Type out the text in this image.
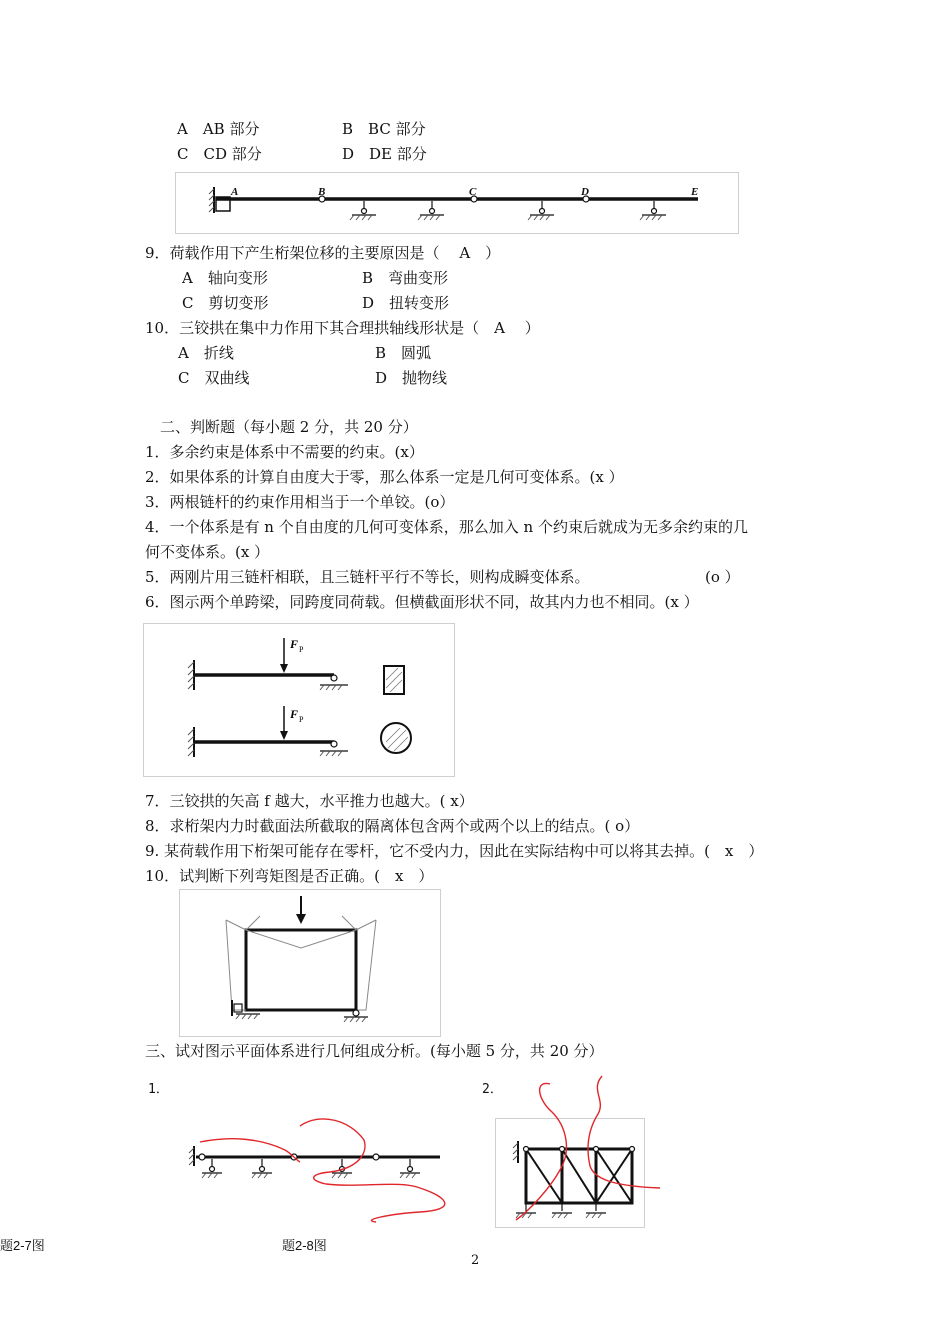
A　AB 部分	B　BC 部分
C　CD 部分	D　DE 部分
A	B	C	D	E
9．荷载作用下产生桁架位移的主要原因是（　 A　）
A　轴向变形	B　弯曲变形
C　剪切变形	D　扭转变形
10．三铰拱在集中力作用下其合理拱轴线形状是（　A　 ）
A　折线	B　圆弧
C　双曲线	D　抛物线
二、判断题（每小题 2 分，共 20 分）
1．多余约束是体系中不需要的约束。(x）
2．如果体系的计算自由度大于零，那么体系一定是几何可变体系。(x ）
3．两根链杆的约束作用相当于一个单铰。(o）
4．一个体系是有 n 个自由度的几何可变体系，那么加入 n 个约束后就成为无多余约束的几
何不变体系。(x ）
5．两刚片用三链杆相联，且三链杆平行不等长，则构成瞬变体系。	(o ）
6．图示两个单跨梁，同跨度同荷载。但横截面形状不同，故其内力也不相同。(x ）
F P
F P
7．三铰拱的矢高 f 越大，水平推力也越大。( x）
8．求桁架内力时截面法所截取的隔离体包含两个或两个以上的结点。( o）
9. 某荷载作用下桁架可能存在零杆，它不受内力，因此在实际结构中可以将其去掉。(　x　）
10．试判断下列弯矩图是否正确。(　x　）
三、试对图示平面体系进行几何组成分析。(每小题 5 分，共 20 分）
1．	2．
题2-7图	题2-8图
2
